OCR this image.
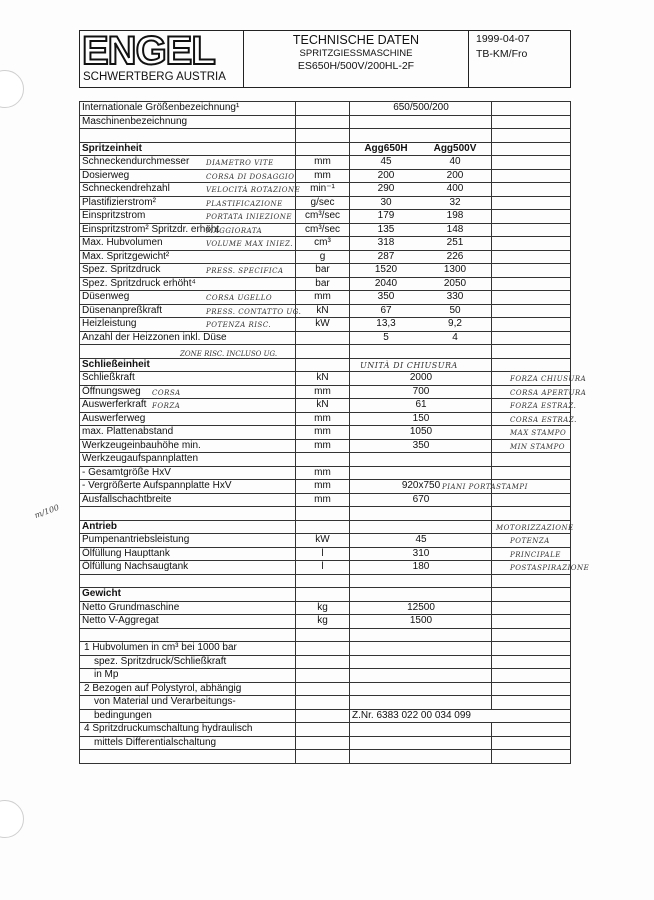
m/100
ENGEL
SCHWERTBERG AUSTRIA
TECHNISCHE DATEN
SPRITZGIESSMASCHINE
ES650H/500V/200HL-2F
1999-04-07
TB-KM/Fro
Internationale Größenbezeichnung¹		650/500/200	
Maschinenbezeichnung			

Spritzeinheit		Agg650H Agg500V	
Schneckendurchmesser DIAMETRO VITE	mm	45 40	
Dosierweg CORSA DI DOSAGGIO	mm	200 200	
Schneckendrehzahl VELOCITÀ ROTAZIONE	min⁻¹	290 400	
Plastifizierstrom² PLASTIFICAZIONE	g/sec	30 32	
Einspritzstrom PORTATA INIEZIONE	cm³/sec	179 198	
Einspritzstrom² Spritzdr. erhöht
MAGGIORATA	cm³/sec	135 148	
Max. Hubvolumen VOLUME MAX INIEZ.	cm³	318 251	
Max. Spritzgewicht²	g	287 226	
Spez. Spritzdruck PRESS. SPECIFICA	bar	1520 1300	
Spez. Spritzdruck erhöht⁴	bar	2040 2050	
Düsenweg CORSA UGELLO	mm	350 330	
Düsenanpreßkraft PRESS. CONTATTO UG.	kN	67 50	
Heizleistung POTENZA RISC.	kW	13,3 9,2	
Anzahl der Heizzonen inkl. Düse		5 4	

ZONE RISC. INCLUSO UG.			

Schließeinheit		UNITÀ DI CHIUSURA	

Schließkraft	kN	2000	FORZA CHIUSURA

Öffnungsweg CORSA	mm	700	CORSA APERTURA

Auswerferkraft FORZA	kN	61	FORZA ESTRAZ.

Auswerferweg	mm	150	CORSA ESTRAZ.

max. Plattenabstand	mm	1050	MAX STAMPO

Werkzeugeinbauhöhe min.	mm	350	MIN STAMPO

Werkzeugaufspannplatten			
- Gesamtgröße HxV	mm		
- Vergrößerte Aufspannplatte HxV	mm	920x750	PIANI PORTASTAMPI

Ausfallschachtbreite	mm	670	

Antrieb			MOTORIZZAZIONE

Pumpenantriebsleistung	kW	45	POTENZA

Ölfüllung Haupttank	l	310	PRINCIPALE

Ölfüllung Nachsaugtank	l	180	POSTASPIRAZIONE

Gewicht			
Netto Grundmaschine	kg	12500	
Netto V-Aggregat	kg	1500	

1 Hubvolumen in cm³ bei 1000 bar			
spez. Spritzdruck/Schließkraft			
in Mp			
2 Bezogen auf Polystyrol, abhängig			
von Material und Verarbeitungs-			
bedingungen		Z.Nr. 6383 022 00 034 099	
4 Spritzdruckumschaltung hydraulisch			
mittels Differentialschaltung			
